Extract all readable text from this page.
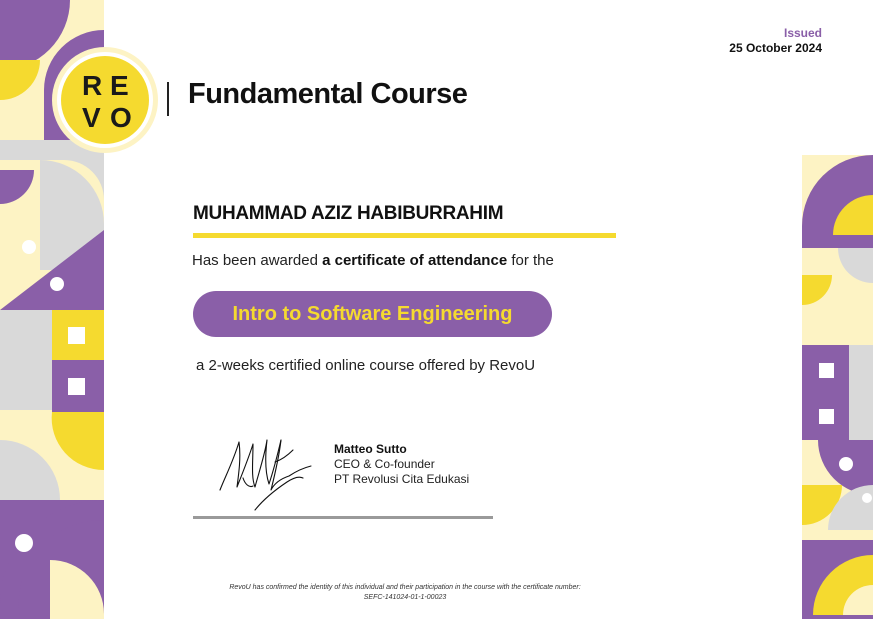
R E
V O
Fundamental Course
Issued
25 October 2024
MUHAMMAD AZIZ HABIBURRAHIM
Has been awarded a certificate of attendance for the
Intro to Software Engineering
a 2-weeks certified online course offered by RevoU
Matteo Sutto
CEO & Co-founder
PT Revolusi Cita Edukasi
RevoU has confirmed the identity of this individual and their participation in the course with the certificate number:
SEFC-141024-01-1-00023
